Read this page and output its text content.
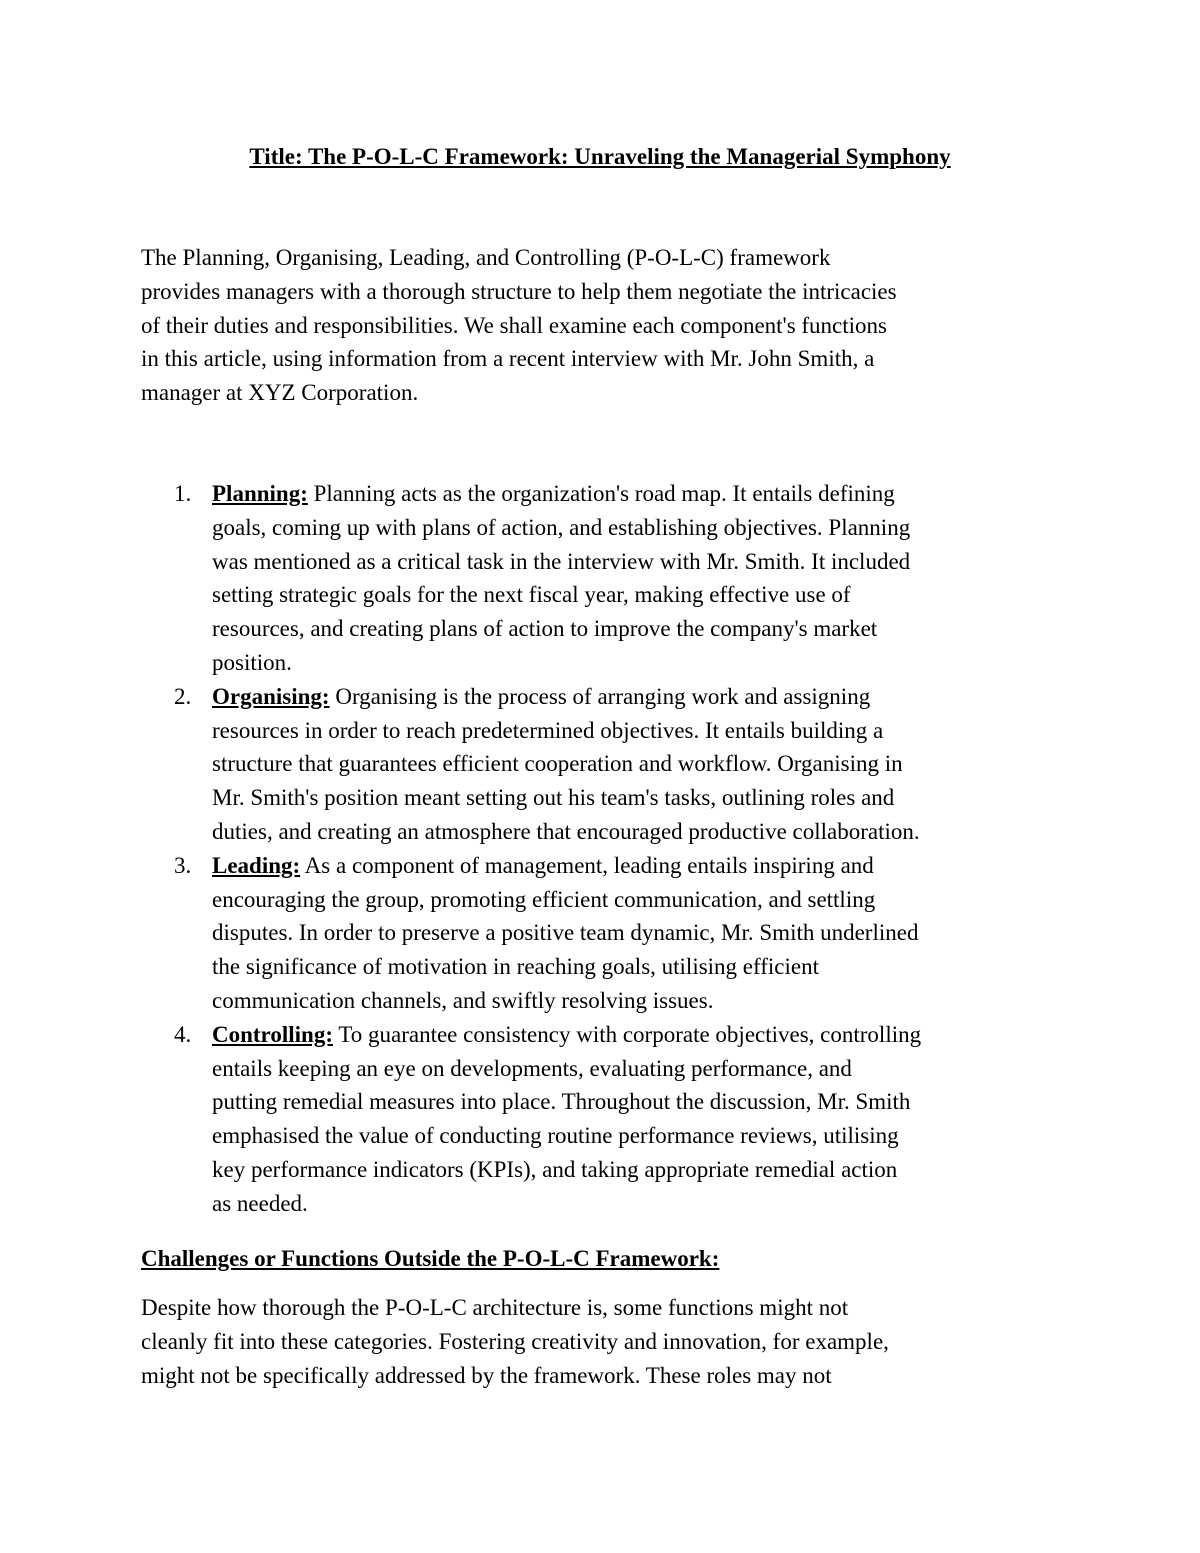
Title: The P-O-L-C Framework: Unraveling the Managerial Symphony

The Planning, Organising, Leading, and Controlling (P-O-L-C) framework
provides managers with a thorough structure to help them negotiate the intricacies
of their duties and responsibilities. We shall examine each component's functions
in this article, using information from a recent interview with Mr. John Smith, a
manager at XYZ Corporation.

1. Planning: Planning acts as the organization's road map. It entails defining
goals, coming up with plans of action, and establishing objectives. Planning
was mentioned as a critical task in the interview with Mr. Smith. It included
setting strategic goals for the next fiscal year, making effective use of
resources, and creating plans of action to improve the company's market
position.
2. Organising: Organising is the process of arranging work and assigning
resources in order to reach predetermined objectives. It entails building a
structure that guarantees efficient cooperation and workflow. Organising in
Mr. Smith's position meant setting out his team's tasks, outlining roles and
duties, and creating an atmosphere that encouraged productive collaboration.
3. Leading: As a component of management, leading entails inspiring and
encouraging the group, promoting efficient communication, and settling
disputes. In order to preserve a positive team dynamic, Mr. Smith underlined
the significance of motivation in reaching goals, utilising efficient
communication channels, and swiftly resolving issues.
4. Controlling: To guarantee consistency with corporate objectives, controlling
entails keeping an eye on developments, evaluating performance, and
putting remedial measures into place. Throughout the discussion, Mr. Smith
emphasised the value of conducting routine performance reviews, utilising
key performance indicators (KPIs), and taking appropriate remedial action
as needed.
Challenges or Functions Outside the P-O-L-C Framework:

Despite how thorough the P-O-L-C architecture is, some functions might not
cleanly fit into these categories. Fostering creativity and innovation, for example,
might not be specifically addressed by the framework. These roles may not
